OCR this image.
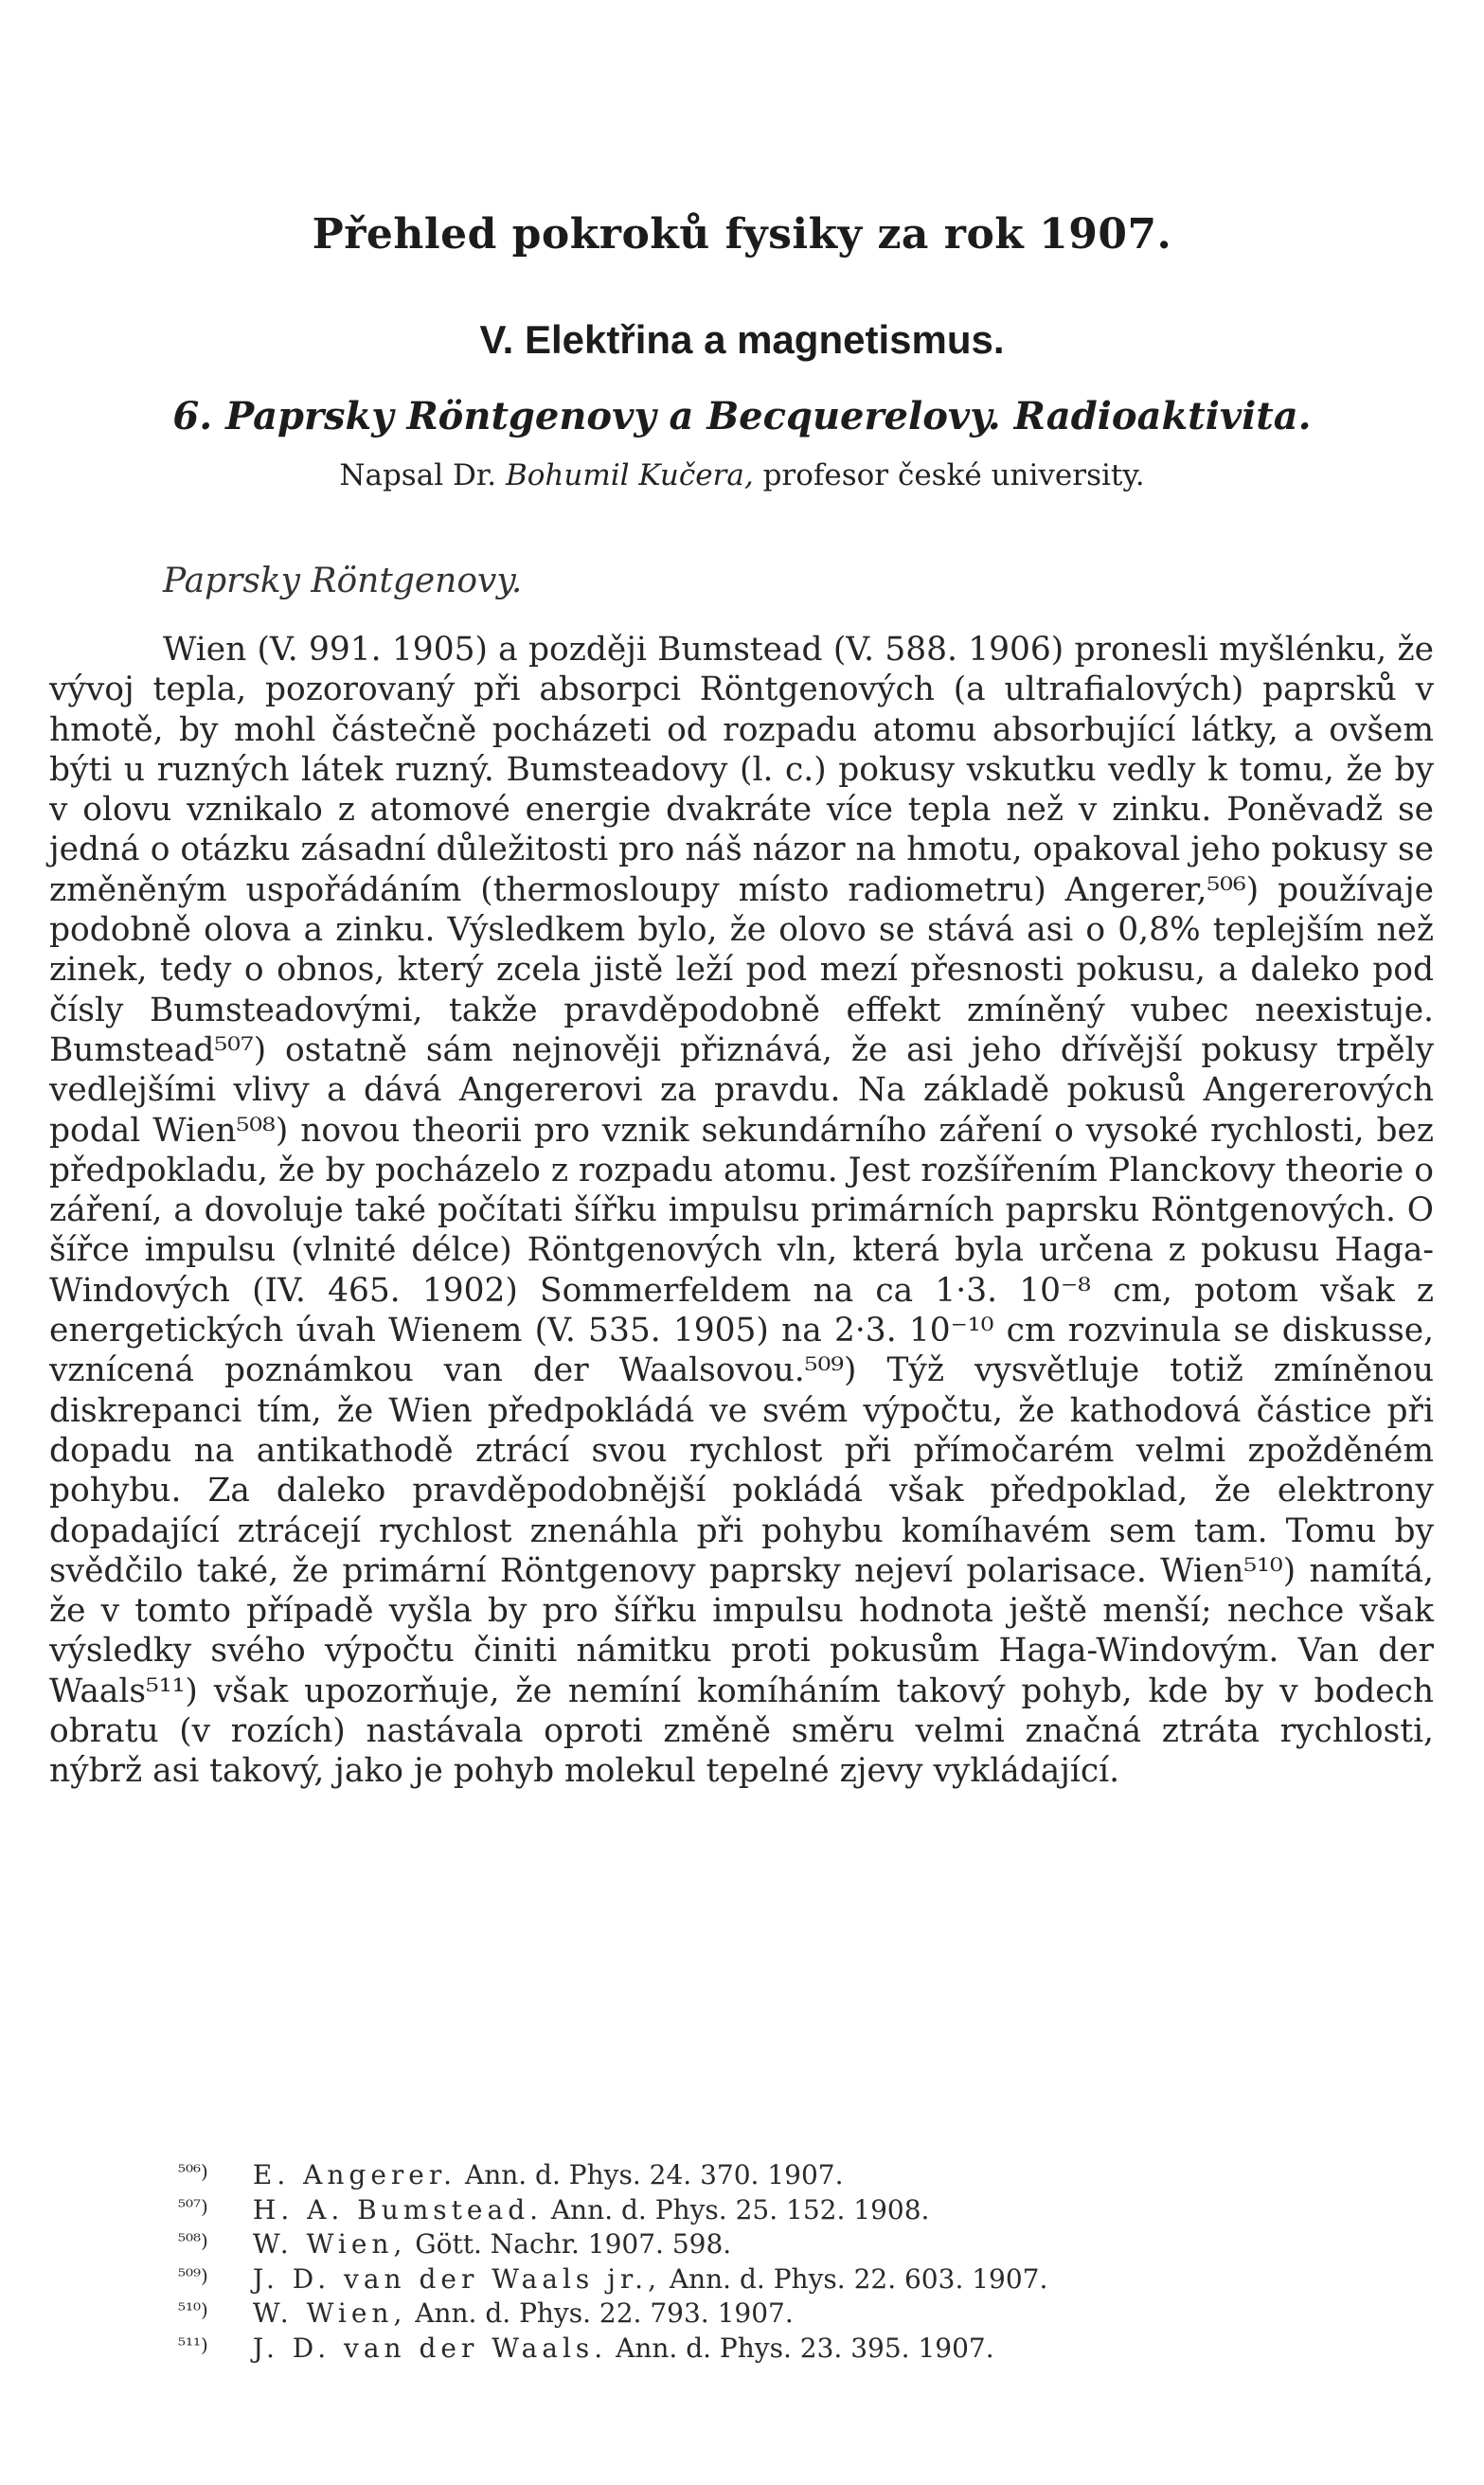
Přehled pokroků fysiky za rok 1907.
V. Elektřina a magnetismus.
6. Paprsky Röntgenovy a Becquerelovy. Radioaktivita.
Napsal Dr. Bohumil Kučera, profesor české university.
Paprsky Röntgenovy.

Wien (V. 991. 1905) a později Bumstead (V. 588. 1906) pronesli myšlénku, že vývoj tepla, pozorovaný při absorpci Röntgenových (a ultrafialových) paprsků v hmotě, by mohl částečně pocházeti od rozpadu atomu absorbující látky, a ovšem býti u ruzných látek ruzný. Bumsteadovy (l. c.) pokusy vskutku vedly k tomu, že by v olovu vznikalo z atomové energie dvakráte více tepla než v zinku. Poněvadž se jedná o otázku zásadní důležitosti pro náš názor na hmotu, opakoval jeho pokusy se změněným uspořádáním (thermosloupy místo radiometru) Angerer,⁵⁰⁶) používaje podobně olova a zinku. Výsledkem bylo, že olovo se stává asi o 0,8% teplejším než zinek, tedy o obnos, který zcela jistě leží pod mezí přesnosti pokusu, a daleko pod čísly Bumsteadovými, takže pravděpodobně effekt zmíněný vubec neexistuje. Bumstead⁵⁰⁷) ostatně sám nejnověji přiznává, že asi jeho dřívější pokusy trpěly vedlejšími vlivy a dává Angererovi za pravdu. Na základě pokusů Angererových podal Wien⁵⁰⁸) novou theorii pro vznik sekundárního záření o vysoké rychlosti, bez předpokladu, že by pocházelo z rozpadu atomu. Jest rozšířením Planckovy theorie o záření, a dovoluje také počítati šířku impulsu primárních paprsku Röntgenových. O šířce impulsu (vlnité délce) Röntgenových vln, která byla určena z pokusu Hagа-Windových (IV. 465. 1902) Sommerfeldem na ca 1·3. 10⁻⁸ cm, potom však z energetických úvah Wienem (V. 535. 1905) na 2·3. 10⁻¹⁰ cm rozvinula se diskusse, vznícená poznámkou van der Waalsovou.⁵⁰⁹) Týž vysvětluje totiž zmíněnou diskrepanci tím, že Wien předpokládá ve svém výpočtu, že kathodová částice při dopadu na antikathodě ztrácí svou rychlost při přímočarém velmi zpožděném pohybu. Za daleko pravděpodobnější pokládá však předpoklad, že elektrony dopadající ztrácejí rychlost znenáhla při pohybu komíhavém sem tam. Tomu by svědčilo také, že primární Röntgenovy paprsky nejeví polarisace. Wien⁵¹⁰) namítá, že v tomto případě vyšla by pro šířku impulsu hodnota ještě menší; nechce však výsledky svého výpočtu činiti námitku proti pokusům Haga-Windovým. Van der Waals⁵¹¹) však upozorňuje, že nemíní komíháním takový pohyb, kde by v bodech obratu (v rozích) nastávala oproti změně směru velmi značná ztráta rychlosti, nýbrž asi takový, jako je pohyb molekul tepelné zjevy vykládající.

⁵⁰⁶) E. Angerer. Ann. d. Phys. 24. 370. 1907.
⁵⁰⁷) H. A. Bumstead. Ann. d. Phys. 25. 152. 1908.
⁵⁰⁸) W. Wien, Gött. Nachr. 1907. 598.
⁵⁰⁹) J. D. van der Waals jr., Ann. d. Phys. 22. 603. 1907.
⁵¹⁰) W. Wien, Ann. d. Phys. 22. 793. 1907.
⁵¹¹) J. D. van der Waals. Ann. d. Phys. 23. 395. 1907.
